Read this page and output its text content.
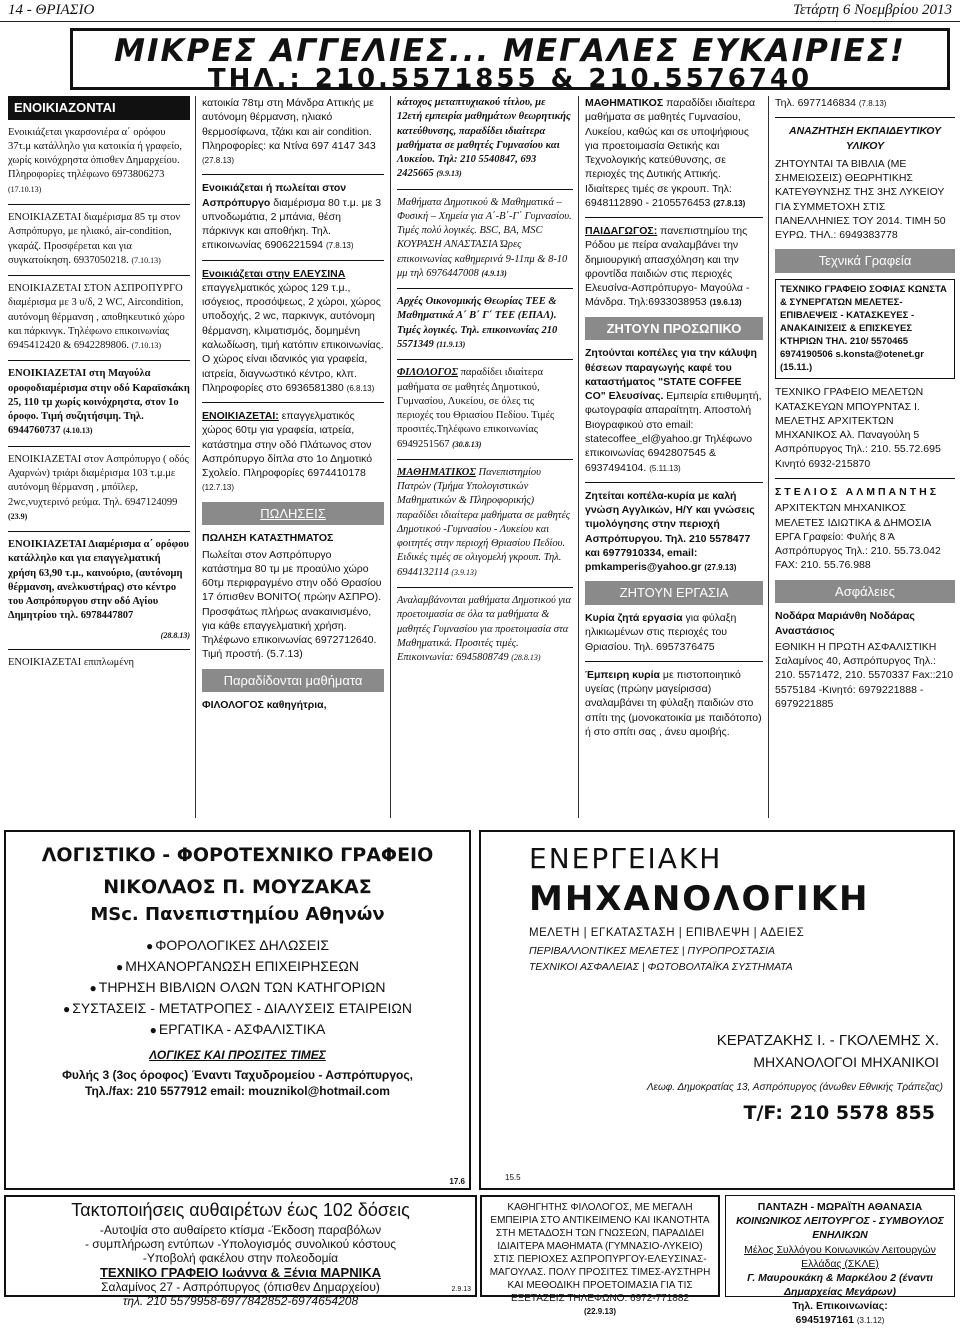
14 - ΘΡΙΑΣΙΟ	Τετάρτη 6 Νοεμβρίου 2013
ΜΙΚΡΕΣ ΑΓΓΕΛΙΕΣ... ΜΕΓΑΛΕΣ ΕΥΚΑΙΡΙΕΣ!
ΤΗΛ.: 210.5571855 & 210.5576740
ΕΝΟΙΚΙΑΖΟΝΤΑΙ

Ενοικιάζεται γκαρσονιέρα α΄ ορόφου 37τ.μ κατάλληλο για κατοικία ή γραφείο, χωρίς κοινόχρηστα όπισθεν Δημαρχείου. Πληροφορίες τηλέφωνο 6973806273 (17.10.13)

ΕΝΟΙΚΙΑΖΕΤΑΙ διαμέρισμα 85 τμ στον Ασπρόπυργο, με ηλιακό, air-condition, γκαράζ. Προσφέρεται και για συγκατοίκηση. 6937050218. (7.10.13)

ΕΝΟΙΚΙΑΖΕΤΑΙ ΣΤΟΝ ΑΣΠΡΟΠΥΡΓΟ διαμέρισμα με 3 υ/δ, 2 WC, Aircondition, αυτόνομη θέρμανση , αποθηκευτικό χώρο και πάρκινγκ. Τηλέφωνο επικοινωνίας 6945412420 & 6942289806. (7.10.13)

ΕΝΟΙΚΙΑΖΕΤΑΙ στη Μαγούλα οροφοδιαμέρισμα στην οδό Καραϊσκάκη 25, 110 τμ χωρίς κοινόχρηστα, στον 1ο όροφο. Τιμή συζητήσιμη. Τηλ. 6944760737 (4.10.13)

ΕΝΟΙΚΙΑΖΕΤΑΙ στον Ασπρόπυργο ( οδός Αχαρνών) τριάρι διαμέρισμα 103 τ.μ.με αυτόνομη θέρμανση , μπόϊλερ, 2wc,νυχτερινό ρεύμα. Τηλ. 6947124099 (23.9)

ΕΝΟΙΚΙΑΖΕΤΑΙ Διαμέρισμα α΄ ορόφου κατάλληλο και για επαγγελματική χρήση 63,90 τ.μ., καινούριο, (αυτόνομη θέρμανση, ανελκυστήρας) στο κέντρο του Ασπρόπυργου στην οδό Αγίου Δημητρίου τηλ. 6978447807

(28.8.13)

ΕΝΟΙΚΙΑΖΕΤΑΙ επιπλωμένη

κατοικία 78τμ στη Μάνδρα Αττικής με αυτόνομη θέρμανση, ηλιακό θερμοσίφωνα, τζάκι και air condition. Πληροφορίες: κα Ντίνα 697 4147 343 (27.8.13)

Ενοικιάζεται ή πωλείται στον Ασπρόπυργο διαμέρισμα 80 τ.μ. με 3 υπνοδωμάτια, 2 μπάνια, θέση πάρκινγκ και αποθήκη. Τηλ. επικοινωνίας 6906221594 (7.8.13)

Ενοικιάζεται στην ΕΛΕΥΣΙΝΑ επαγγελματικός χώρος 129 τ.μ., ισόγειος, προσόψεως, 2 χώροι, χώρος υποδοχής, 2 wc, παρκινγκ, αυτόνομη θέρμανση, κλιματισμός, δομημένη καλωδίωση, τιμή κατόπιν επικοινωνίας. Ο χώρος είναι ιδανικός για γραφεία, ιατρεία, διαγνωστικό κέντρο, κλπ. Πληροφορίες στο 6936581380 (6.8.13)

ΕΝΟΙΚΙΑΖΕΤΑΙ: επαγγελματικός χώρος 60τμ για γραφεία, ιατρεία, κατάστημα στην οδό Πλάτωνος στον Ασπρόπυργο δίπλα στο 1ο Δημοτικό Σχολείο. Πληροφορίες 6974410178 (12.7.13)

ΠΩΛΗΣΕΙΣ

ΠΩΛΗΣΗ ΚΑΤΑΣΤΗΜΑΤΟΣ

Πωλείται στον Ασπρόπυργο κατάστημα 80 τμ με προαύλιο χώρο 60τμ περιφραγμένο στην οδό Θρασίου 17 όπισθεν BONITO( πρώην ΑΣΠΡΟ). Προσφάτως πλήρως ανακαινισμένο, για κάθε επαγγελματική χρήση. Τηλέφωνο επικοινωνίας 6972712640. Τιμή προστή. (5.7.13)

Παραδίδονται μαθήματα

ΦΙΛΟΛΟΓΟΣ καθηγήτρια,

κάτοχος μεταπτυχιακού τίτλου, με 12ετή εμπειρία μαθημάτων θεωρητικής κατεύθυνσης, παραδίδει ιδιαίτερα μαθήματα σε μαθητές Γυμνασίου και Λυκείου. Τηλ: 210 5540847, 693 2425665 (9.9.13)

Μαθήματα Δημοτικού & Μαθηματικά – Φυσική – Χημεία για Α΄-Β΄-Γ΄ Γυμνασίου. Τιμές πολύ λογικές. BSC, BA, MSC ΚΟΥΡΑΣΗ ΑΝΑΣΤΑΣΙΑ Ώρες επικοινωνίας καθημερινά 9-11πμ & 8-10 μμ τηλ 6976447008 (4.9.13)

Αρχές Οικονομικής Θεωρίας ΤΕΕ & Μαθηματικά Α΄ Β΄ Γ΄ ΤΕΕ (ΕΠΑΛ). Τιμές λογικές. Τηλ. επικοινωνίας 210 5571349 (11.9.13)

ΦΙΛΟΛΟΓΟΣ παραδίδει ιδιαίτερα μαθήματα σε μαθητές Δημοτικού, Γυμνασίου, Λυκείου, σε όλες τις περιοχές του Θριασίου Πεδίου. Τιμές προσιτές.Τηλέφωνο επικοινωνίας 6949251567 (30.8.13)

ΜΑΘΗΜΑΤΙΚΟΣ Πανεπιστημίου Πατρών (Τμήμα Υπολογιστικών Μαθηματικών & Πληροφορικής) παραδίδει ιδιαίτερα μαθήματα σε μαθητές Δημοτικού -Γυμνασίου - Λυκείου και φοιτητές στην περιοχή Θριασίου Πεδίου. Ειδικές τιμές σε ολιγομελή γκρουπ. Τηλ. 6944132114 (3.9.13)

Αναλαμβάνονται μαθήματα Δημοτικού για προετοιμασία σε όλα τα μαθήματα & μαθητές Γυμνασίου για προετοιμασία στα Μαθηματικά. Προσιτές τιμές. Επικοινωνία: 6945808749 (28.8.13)

ΜΑΘΗΜΑΤΙΚΟΣ παραδίδει ιδιαίτερα μαθήματα σε μαθητές Γυμνασίου, Λυκείου, καθώς και σε υποψήφιους για προετοιμασία Θετικής και Τεχνολογικής κατεύθυνσης, σε περιοχές της Δυτικής Αττικής. Ιδιαίτερες τιμές σε γκρουπ. Τηλ: 6948112890 - 2105576453 (27.8.13)

ΠΑΙΔΑΓΩΓΟΣ: πανεπιστημίου της Ρόδου με πείρα αναλαμβάνει την δημιουργική απασχόληση και την φροντίδα παιδιών στις περιοχές Ελευσίνα-Ασπρόπυργο- Μαγούλα - Μάνδρα. Τηλ:6933038953 (19.6.13)

ΖΗΤΟΥΝ ΠΡΟΣΩΠΙΚΟ

Ζητούνται κοπέλες για την κάλυψη θέσεων παραγωγής καφέ του καταστήματος "STATE COFFEE CO" Ελευσίνας. Εμπειρία επιθυμητή, φωτογραφία απαραίτητη. Αποστολή Βιογραφικού στο email: statecoffee_el@yahoo.gr Τηλέφωνο επικοινωνίας 6942807545 & 6937494104. (5.11.13)

Ζητείται κοπέλα-κυρία με καλή γνώση Αγγλικών, Η/Υ και γνώσεις τιμολόγησης στην περιοχή Ασπρόπυργου. Τηλ. 210 5578477 και 6977910334, email: pmkamperis@yahoo.gr (27.9.13)

ΖΗΤΟΥΝ ΕΡΓΑΣΙΑ

Κυρία ζητά εργασία για φύλαξη ηλικιωμένων στις περιοχές του Θριασίου. Τηλ. 6957376475

Έμπειρη κυρία με πιστοποιητικό υγείας (πρώην μαγείρισσα) αναλαμβάνει τη φύλαξη παιδιών στο σπίτι της (μονοκατοικία με παιδότοπο) ή στο σπίτι σας , άνευ αμοιβής.

Τηλ. 6977146834 (7.8.13)

ΑΝΑΖΗΤΗΣΗ ΕΚΠΑΙΔΕΥΤΙΚΟΥ ΥΛΙΚΟΥ

ΖΗΤΟΥΝΤΑΙ ΤΑ ΒΙΒΛΙΑ (ΜΕ ΣΗΜΕΙΩΣΕΙΣ) ΘΕΩΡΗΤΙΚΗΣ ΚΑΤΕΥΘΥΝΣΗΣ ΤΗΣ 3ΗΣ ΛΥΚΕΙΟΥ ΓΙΑ ΣΥΜΜΕΤΟΧΗ ΣΤΙΣ ΠΑΝΕΛΛΗΝΙΕΣ ΤΟΥ 2014. ΤΙΜΗ 50 ΕΥΡΩ. ΤΗΛ.: 6949383778

Τεχνικά Γραφεία
ΤΕΧΝΙΚΟ ΓΡΑΦΕΙΟ ΣΟΦΙΑΣ ΚΩΝΣΤΑ & ΣΥΝΕΡΓΑΤΩΝ ΜΕΛΕΤΕΣ-ΕΠΙΒΛΕΨΕΙΣ - ΚΑΤΑΣΚΕΥΕΣ - ΑΝΑΚΑΙΝΙΣΕΙΣ & ΕΠΙΣΚΕΥΕΣ ΚΤΗΡΙΩΝ ΤΗΛ. 210/ 5570465 6974190506 s.konsta@otenet.gr (15.11.)

ΤΕΧΝΙΚΟ ΓΡΑΦΕΙΟ ΜΕΛΕΤΩΝ ΚΑΤΑΣΚΕΥΩΝ ΜΠΟΥΡΝΤΑΣ Ι. ΜΕΛΕΤΗΣ ΑΡΧΙΤΕΚΤΩΝ ΜΗΧΑΝΙΚΟΣ Αλ. Παναγούλη 5 Ασπρόπυργος Τηλ.: 210. 55.72.695 Κινητό 6932-215870

ΣΤΕΛΙΟΣ ΑΛΜΠΑΝΤΗΣ

ΑΡΧΙΤΕΚΤΩΝ ΜΗΧΑΝΙΚΟΣ ΜΕΛΕΤΕΣ ΙΔΙΩΤΙΚΑ & ΔΗΜΟΣΙΑ ΕΡΓΑ Γραφείο: Φυλής 8 Ά Ασπρόπυργος Τηλ.: 210. 55.73.042 FAX: 210. 55.76.988

Ασφάλειες

Νοδάρα Μαριάνθη Νοδάρας Αναστάσιος

ΕΘΝΙΚΗ Η ΠΡΩΤΗ ΑΣΦΑΛΙΣΤΙΚΗ Σαλαμίνος 40, Ασπρόπυργος Τηλ.: 210. 5571472, 210. 5570337 Fax::210 5575184 -Κινητό: 6979221888 - 6979221885

ΛΟΓΙΣΤΙΚΟ - ΦΟΡΟΤΕΧΝΙΚΟ ΓΡΑΦΕΙΟ
ΝΙΚΟΛΑΟΣ Π. ΜΟΥΖΑΚΑΣ
MSc. Πανεπιστημίου Αθηνών
● ΦΟΡΟΛΟΓΙΚΕΣ ΔΗΛΩΣΕΙΣ
● ΜΗΧΑΝΟΡΓΑΝΩΣΗ ΕΠΙΧΕΙΡΗΣΕΩΝ
● ΤΗΡΗΣΗ ΒΙΒΛΙΩΝ ΟΛΩΝ ΤΩΝ ΚΑΤΗΓΟΡΙΩΝ
● ΣΥΣΤΑΣΕΙΣ - ΜΕΤΑΤΡΟΠΕΣ - ΔΙΑΛΥΣΕΙΣ ΕΤΑΙΡΕΙΩΝ
● ΕΡΓΑΤΙΚΑ - ΑΣΦΑΛΙΣΤΙΚΑ
ΛΟΓΙΚΕΣ ΚΑΙ ΠΡΟΣΙΤΕΣ ΤΙΜΕΣ
Φυλής 3 (3ος όροφος) Έναντι Ταχυδρομείου - Ασπρόπυργος,
Τηλ./fax: 210 5577912 email: mouznikol@hotmail.com
17.6
ΕΝΕΡΓΕΙΑΚΗ
ΜΗΧΑΝΟΛΟΓΙΚΗ
ΜΕΛΕΤΗ | ΕΓΚΑΤΑΣΤΑΣΗ | ΕΠΙΒΛΕΨΗ | ΑΔΕΙΕΣ
ΠΕΡΙΒΑΛΛΟΝΤΙΚΕΣ ΜΕΛΕΤΕΣ | ΠΥΡΟΠΡΟΣΤΑΣΙΑ
ΤΕΧΝΙΚΟΙ ΑΣΦΑΛΕΙΑΣ | ΦΩΤΟΒΟΛΤΑΪΚΑ ΣΥΣΤΗΜΑΤΑ
ΚΕΡΑΤΖΑΚΗΣ Ι. - ΓΚΟΛΕΜΗΣ Χ.
ΜΗΧΑΝΟΛΟΓΟΙ ΜΗΧΑΝΙΚΟΙ
Λεωφ. Δημοκρατίας 13, Ασπρόπυργος (άνωθεν Εθνικής Τράπεζας)
T/F: 210 5578 855
15.5
Τακτοποιήσεις αυθαιρέτων έως 102 δόσεις
-Αυτοψία στο αυθαίρετο κτίσμα -Έκδοση παραβόλων
- συμπλήρωση εντύπων -Υπολογισμός συνολικού κόστους
-Υποβολή φακέλου στην πολεοδομία
ΤΕΧΝΙΚΟ ΓΡΑΦΕΙΟ Ιωάννα & Ξένια ΜΑΡΝΙΚΑ
Σαλαμίνος 27 - Ασπρόπυργος (όπισθεν Δημαρχείου)
τηλ. 210 5579958-6977842852-6974654208
2.9.13
ΚΑΘΗΓΗΤΗΣ ΦΙΛΟΛΟΓΟΣ, ΜΕ ΜΕΓΑΛΗ ΕΜΠΕΙΡΙΑ ΣΤΟ ΑΝΤΙΚΕΙΜΕΝΟ ΚΑΙ ΙΚΑΝΟΤΗΤΑ ΣΤΗ ΜΕΤΑΔΟΣΗ ΤΩΝ ΓΝΩΣΕΩΝ, ΠΑΡΑΔΙΔΕΙ ΙΔΙΑΙΤΕΡΑ ΜΑΘΗΜΑΤΑ (ΓΥΜΝΑΣΙΟ-ΛΥΚΕΙΟ) ΣΤΙΣ ΠΕΡΙΟΧΕΣ ΑΣΠΡΟΠΥΡΓΟΥ-ΕΛΕΥΣΙΝΑΣ-ΜΑΓΟΥΛΑΣ. ΠΟΛΥ ΠΡΟΣΙΤΕΣ ΤΙΜΕΣ-ΑΥΣΤΗΡΗ ΚΑΙ ΜΕΘΟΔΙΚΗ ΠΡΟΕΤΟΙΜΑΣΙΑ ΓΙΑ ΤΙΣ ΕΞΕΤΑΣΕΙΣ ΤΗΛΕΦΩΝΟ: 6972-771882
(22.9.13)
ΠΑΝΤΑΖΗ - ΜΩΡΑΪΤΗ ΑΘΑΝΑΣΙΑ
ΚΟΙΝΩΝΙΚΟΣ ΛΕΙΤΟΥΡΓΟΣ - ΣΥΜΒΟΥΛΟΣ ΕΝΗΛΙΚΩΝ
Μέλος Συλλόγου Κοινωνικών Λειτουργών Ελλάδας (ΣΚΛΕ)
Γ. Μαυρουκάκη & Μαρκέλου 2 (έναντι Δημαρχείας Μεγάρων)
Τηλ. Επικοινωνίας:
6945197161 (3.1.12)
